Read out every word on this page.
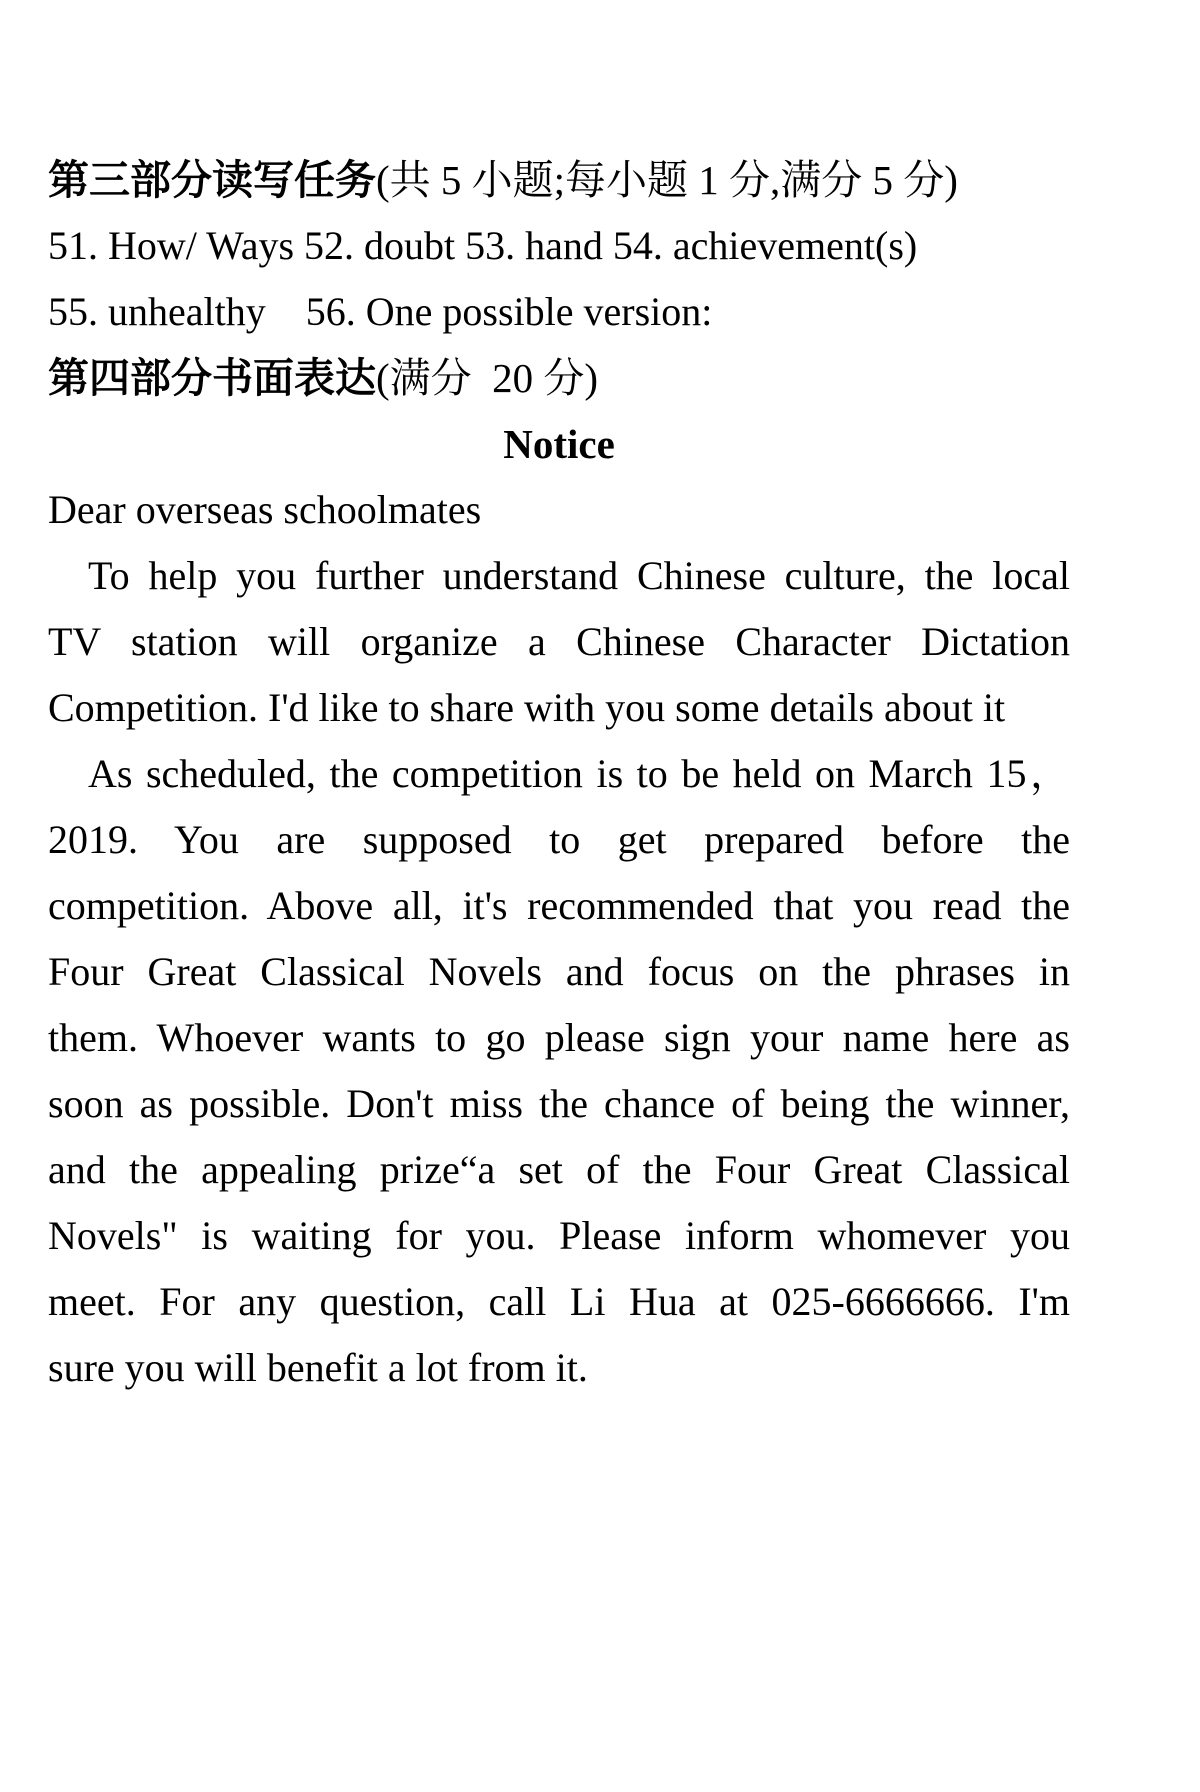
第三部分读写任务(共 5 小题;每小题 1 分,满分 5 分)
51. How/ Ways 52. doubt 53. hand 54. achievement(s)
55. unhealthy    56. One possible version:
第四部分书面表达(满分  20 分)
Notice
Dear overseas schoolmates
To help you further understand Chinese culture, the local
TV station will organize a Chinese Character Dictation
Competition. I'd like to share with you some details about it
As scheduled, the competition is to be held on March 15，
2019. You are supposed to get prepared before the
competition. Above all, it's recommended that you read the
Four Great Classical Novels and focus on the phrases in
them. Whoever wants to go please sign your name here as
soon as possible. Don't miss the chance of being the winner,
and the appealing prize“a set of the Four Great Classical
Novels" is waiting for you. Please inform whomever you
meet. For any question, call Li Hua at 025-6666666. I'm
sure you will benefit a lot from it.
